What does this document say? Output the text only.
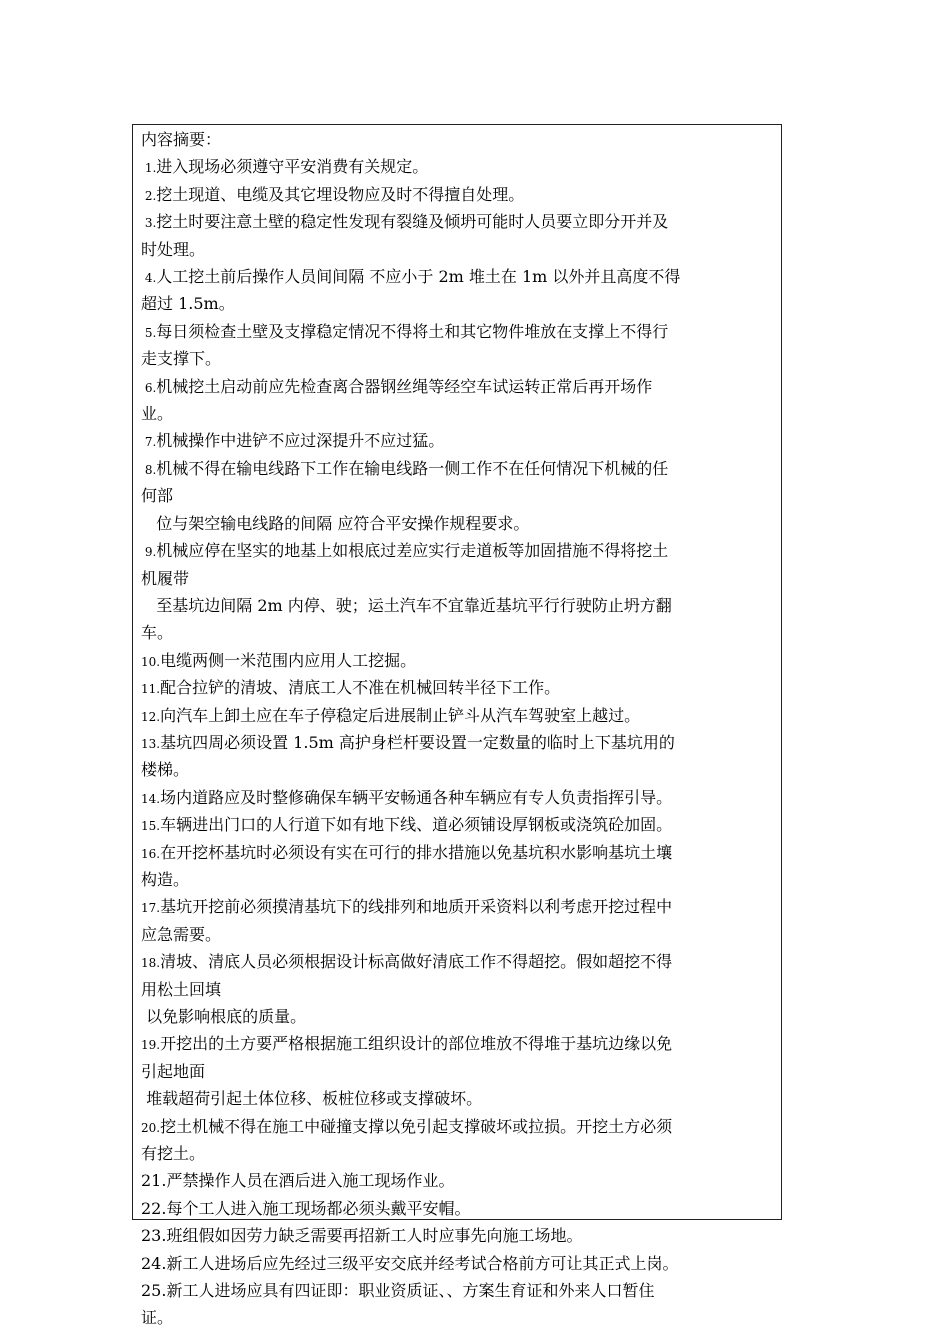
内容摘要：
1.进入现场必须遵守平安消费有关规定。
2.挖土现道、电缆及其它埋设物应及时不得擅自处理。
3.挖土时要注意土壁的稳定性发现有裂缝及倾坍可能时人员要立即分开并及
时处理。
4.人工挖土前后操作人员间间隔 不应小于 2m 堆土在 1m 以外并且高度不得
超过 1.5m。
5.每日须检查土壁及支撑稳定情况不得将土和其它物件堆放在支撑上不得行
走支撑下。
6.机械挖土启动前应先检查离合器钢丝绳等经空车试运转正常后再开场作
业。
7.机械操作中进铲不应过深提升不应过猛。
8.机械不得在输电线路下工作在输电线路一侧工作不在任何情况下机械的任
何部
位与架空输电线路的间隔 应符合平安操作规程要求。
9.机械应停在坚实的地基上如根底过差应实行走道板等加固措施不得将挖土
机履带
至基坑边间隔 2m 内停、驶；运土汽车不宜靠近基坑平行行驶防止坍方翻
车。
10.电缆两侧一米范围内应用人工挖掘。
11.配合拉铲的清坡、清底工人不准在机械回转半径下工作。
12.向汽车上卸土应在车子停稳定后进展制止铲斗从汽车驾驶室上越过。
13.基坑四周必须设置 1.5m 高护身栏杆要设置一定数量的临时上下基坑用的
楼梯。
14.场内道路应及时整修确保车辆平安畅通各种车辆应有专人负责指挥引导。
15.车辆进出门口的人行道下如有地下线、道必须铺设厚钢板或浇筑砼加固。
16.在开挖杯基坑时必须设有实在可行的排水措施以免基坑积水影响基坑土壤
构造。
17.基坑开挖前必须摸清基坑下的线排列和地质开采资料以利考虑开挖过程中
应急需要。
18.清坡、清底人员必须根据设计标高做好清底工作不得超挖。假如超挖不得
用松土回填
以免影响根底的质量。
19.开挖出的土方要严格根据施工组织设计的部位堆放不得堆于基坑边缘以免
引起地面
堆载超荷引起土体位移、板桩位移或支撑破坏。
20.挖土机械不得在施工中碰撞支撑以免引起支撑破坏或拉损。开挖土方必须
有挖土。
21.严禁操作人员在酒后进入施工现场作业。
22.每个工人进入施工现场都必须头戴平安帽。
23.班组假如因劳力缺乏需要再招新工人时应事先向施工场地。
24.新工人进场后应先经过三级平安交底并经考试合格前方可让其正式上岗。
25.新工人进场应具有四证即：职业资质证、、方案生育证和外来人口暂住
证。
